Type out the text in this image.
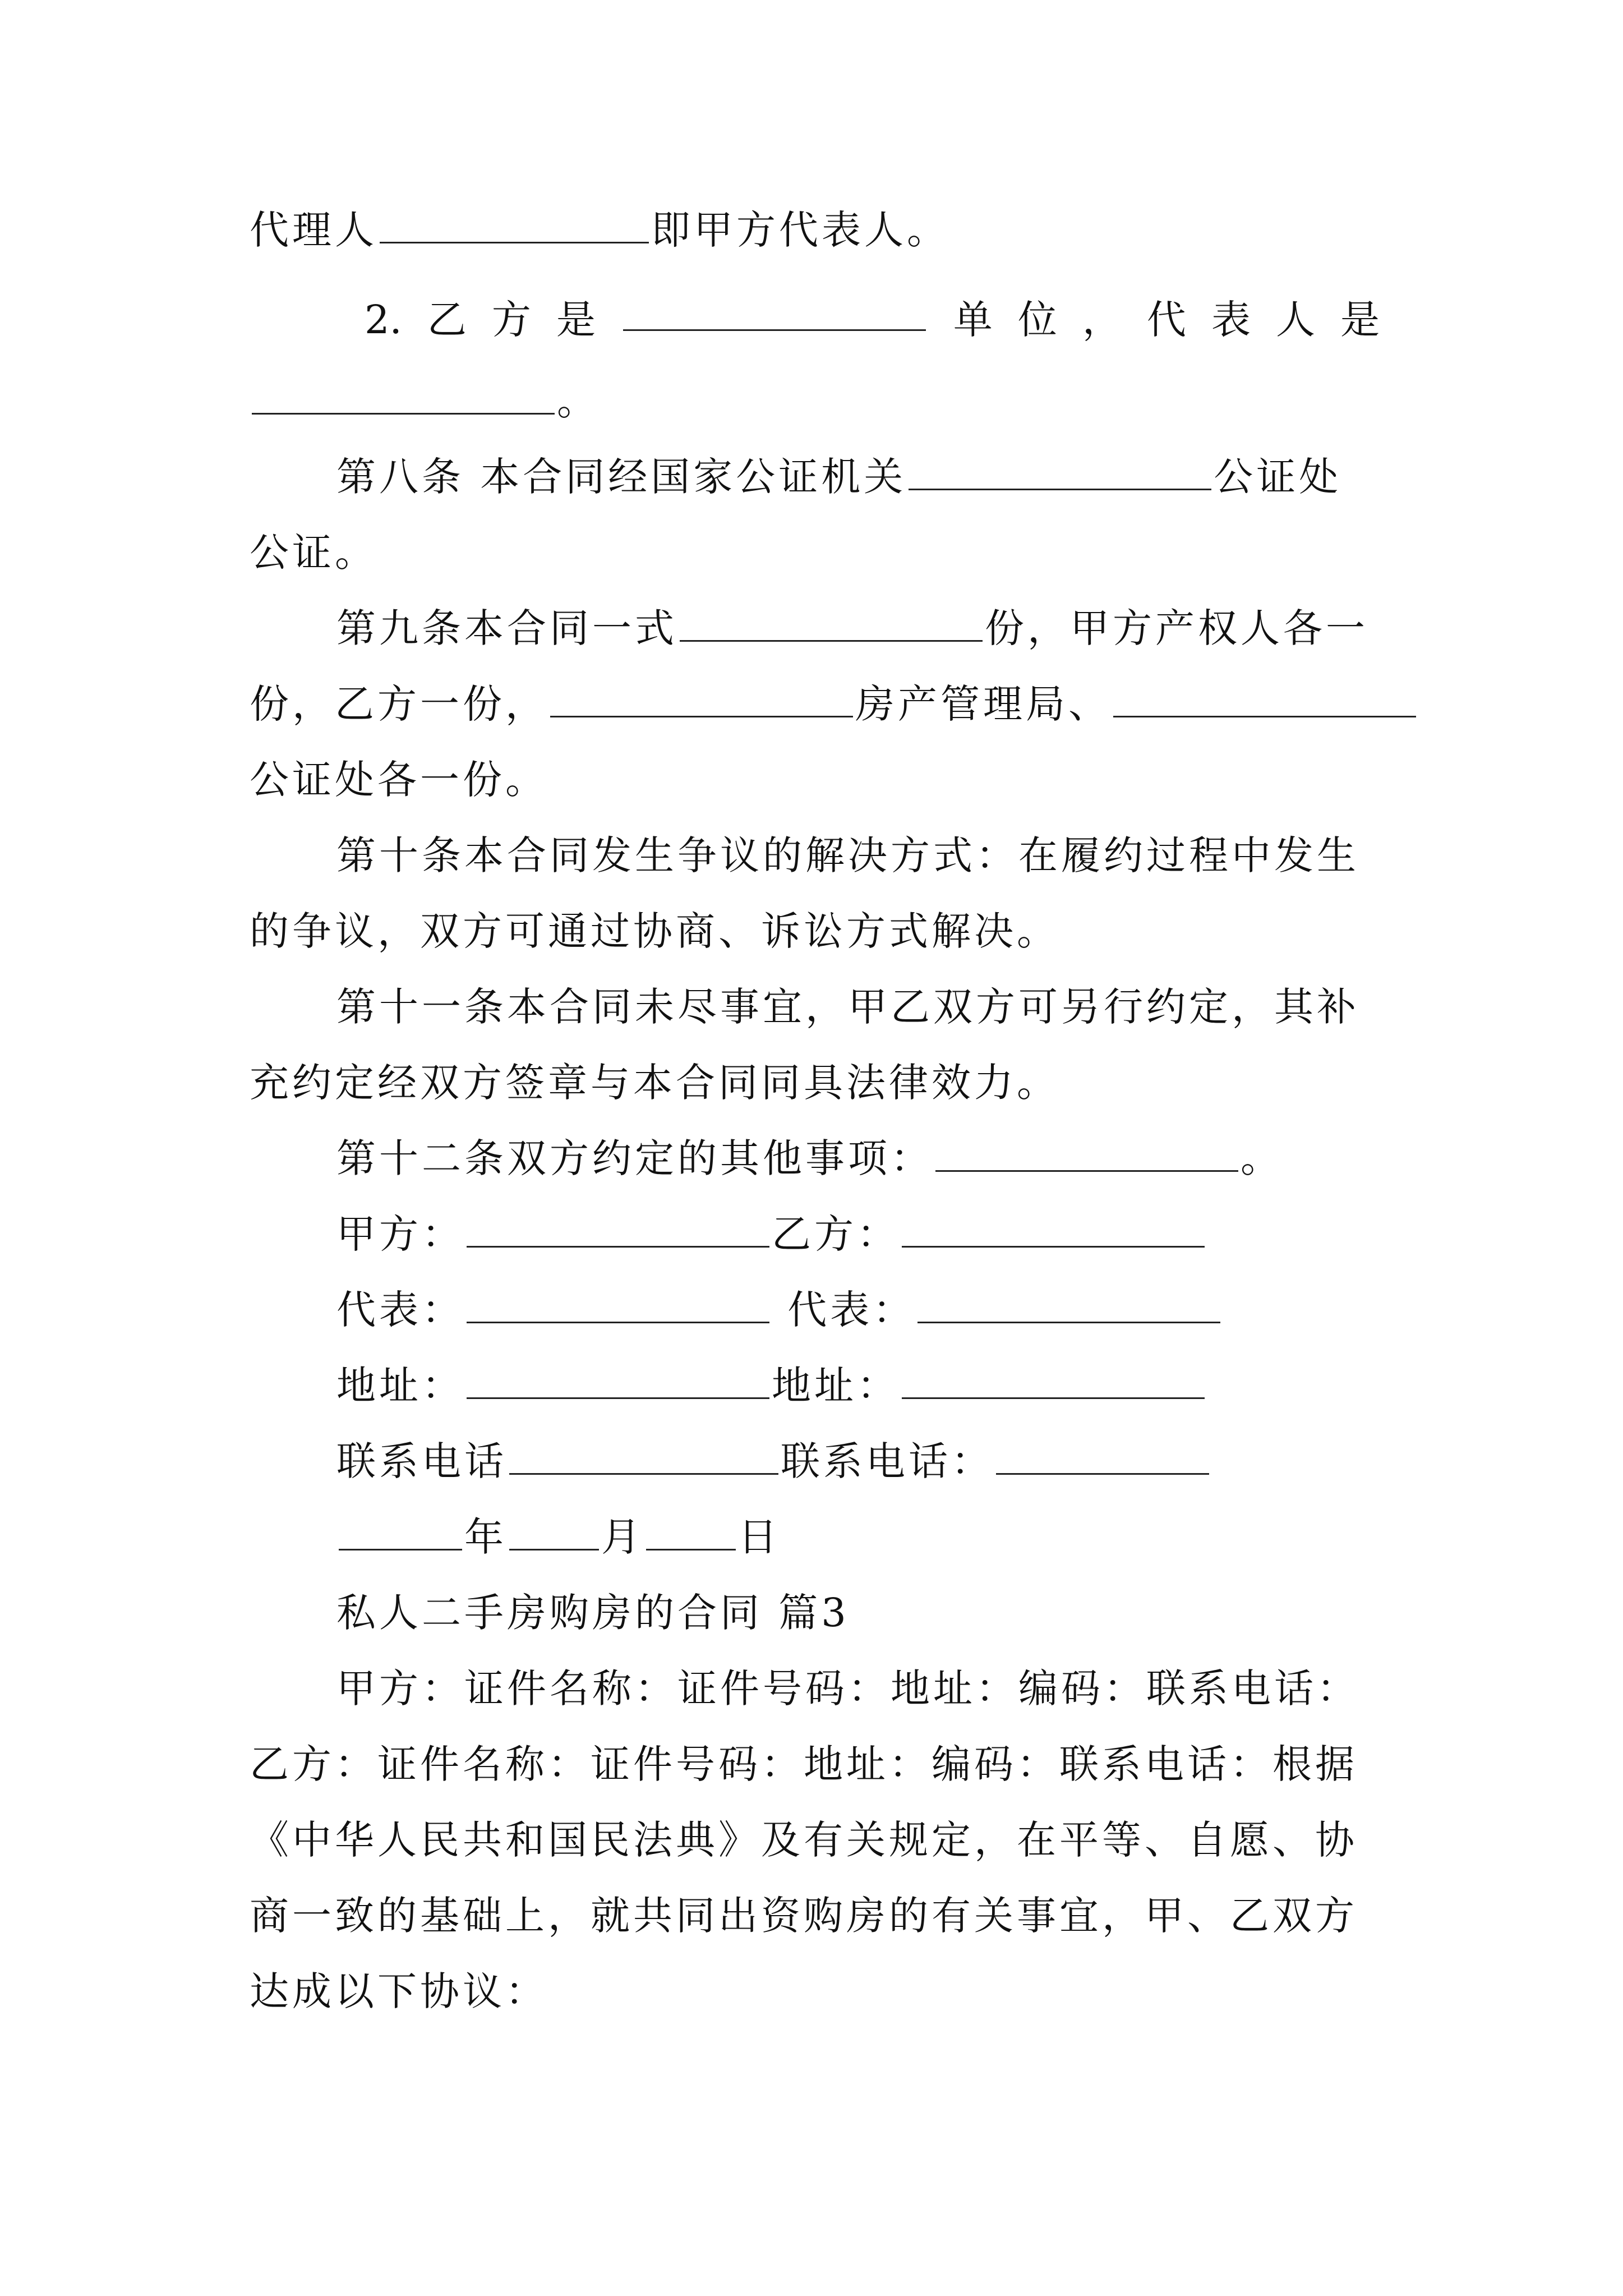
代理人	即甲方代表人。
2. 乙 方 是	单 位 ， 代 表 人 是
。
第八条 本合同经国家公证机关	公证处
公证。
第九条本合同一式	份，甲方产权人各一
份，乙方一份，	房产管理局、
公证处各一份。
第十条本合同发生争议的解决方式：在履约过程中发生
的争议，双方可通过协商、诉讼方式解决。
第十一条本合同未尽事宜，甲乙双方可另行约定，其补
充约定经双方签章与本合同同具法律效力。
第十二条双方约定的其他事项：	。
甲方：	乙方：
代表：	代表：
地址：	地址：
联系电话	联系电话：
年 月 日
私人二手房购房的合同 篇3
甲方：证件名称：证件号码：地址：编码：联系电话：
乙方：证件名称：证件号码：地址：编码：联系电话：根据
《中华人民共和国民法典》及有关规定，在平等、自愿、协
商一致的基础上，就共同出资购房的有关事宜，甲、乙双方
达成以下协议：
